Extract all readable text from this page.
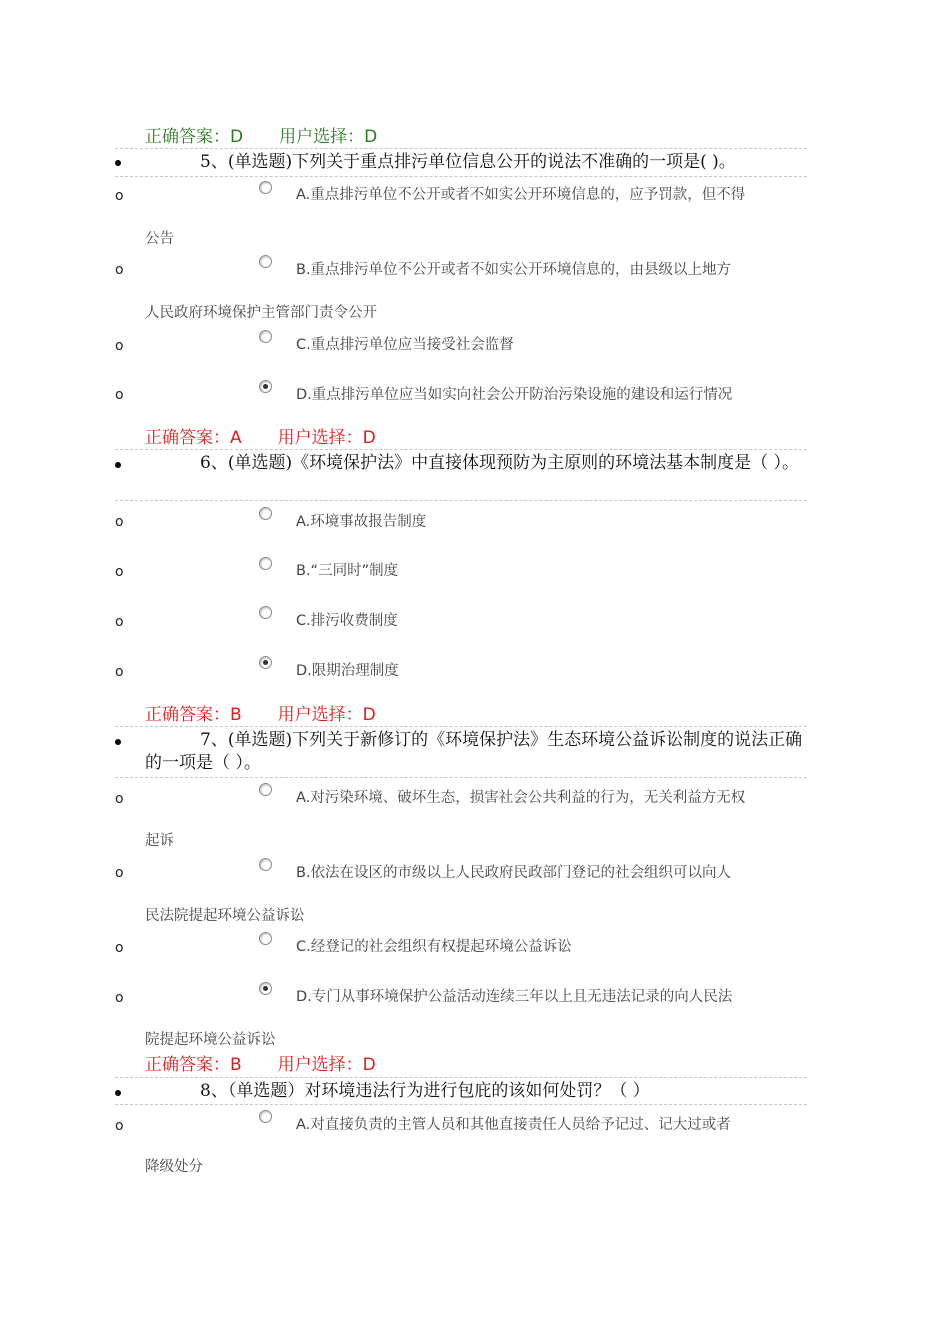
正确答案：D 用户选择：D
5、(单选题)下列关于重点排污单位信息公开的说法不准确的一项是( )。
o	A.重点排污单位不公开或者不如实公开环境信息的，应予罚款，但不得
公告
o	B.重点排污单位不公开或者不如实公开环境信息的，由县级以上地方
人民政府环境保护主管部门责令公开
o	C.重点排污单位应当接受社会监督
o	D.重点排污单位应当如实向社会公开防治污染设施的建设和运行情况
正确答案：A 用户选择：D
6、(单选题)《环境保护法》中直接体现预防为主原则的环境法基本制度是（ ）。
o	A.环境事故报告制度
o	B.“三同时”制度
o	C.排污收费制度
o	D.限期治理制度
正确答案：B 用户选择：D
7、(单选题)下列关于新修订的《环境保护法》生态环境公益诉讼制度的说法正确的一项是（ ）。
o	A.对污染环境、破坏生态，损害社会公共利益的行为，无关利益方无权
起诉
o	B.依法在设区的市级以上人民政府民政部门登记的社会组织可以向人
民法院提起环境公益诉讼
o	C.经登记的社会组织有权提起环境公益诉讼
o	D.专门从事环境保护公益活动连续三年以上且无违法记录的向人民法
院提起环境公益诉讼
正确答案：B 用户选择：D
8、（单选题）对环境违法行为进行包庇的该如何处罚？（ ）
o	A.对直接负责的主管人员和其他直接责任人员给予记过、记大过或者
降级处分
